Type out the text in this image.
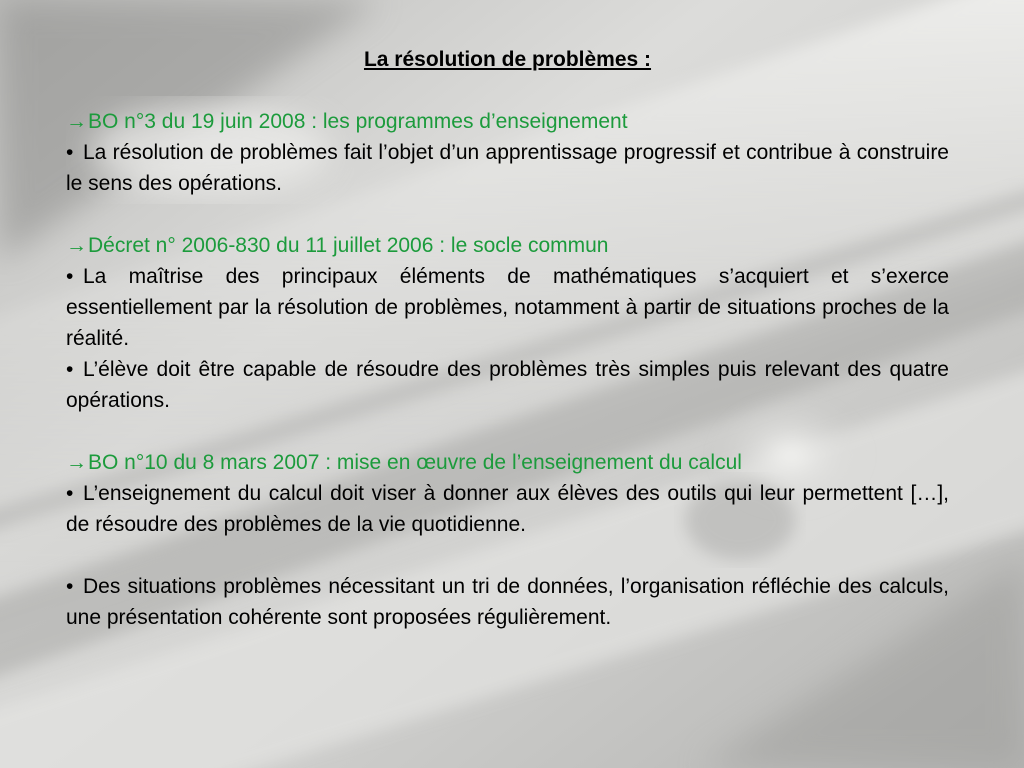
La résolution de problèmes :

→BO n°3 du 19 juin 2008 : les programmes d’enseignement

• La résolution de problèmes fait l’objet d’un apprentissage progressif et contribue à construire le sens des opérations.

→Décret n° 2006-830 du 11 juillet 2006 : le socle commun

• La maîtrise des principaux éléments de mathématiques s’acquiert et s’exerce essentiellement par la résolution de problèmes, notamment à partir de situations proches de la réalité.

• L’élève doit être capable de résoudre des problèmes très simples puis relevant des quatre opérations.

→BO n°10 du 8 mars 2007 : mise en œuvre de l’enseignement du calcul

• L’enseignement du calcul doit viser à donner aux élèves des outils qui leur permettent […], de résoudre des problèmes de la vie quotidienne.

• Des situations problèmes nécessitant un tri de données, l’organisation réfléchie des calculs, une présentation cohérente sont proposées régulièrement.
